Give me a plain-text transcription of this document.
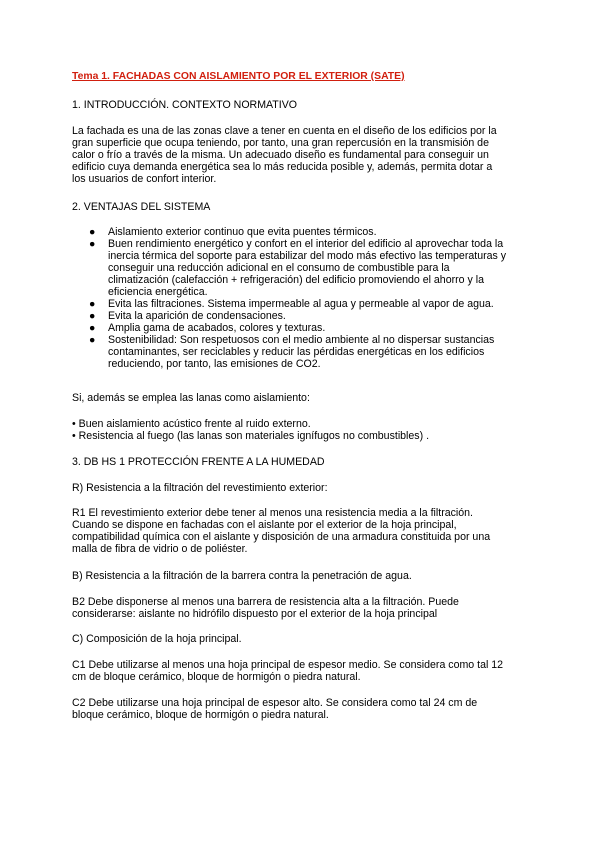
Tema 1. FACHADAS CON AISLAMIENTO POR EL EXTERIOR (SATE)

1. INTRODUCCIÓN. CONTEXTO NORMATIVO

La fachada es una de las zonas clave a tener en cuenta en el diseño de los edificios por la
gran superficie que ocupa teniendo, por tanto, una gran repercusión en la transmisión de
calor o frío a través de la misma. Un adecuado diseño es fundamental para conseguir un
edificio cuya demanda energética sea lo más reducida posible y, además, permita dotar a
los usuarios de confort interior.

2. VENTAJAS DEL SISTEMA

● Aislamiento exterior continuo que evita puentes térmicos.
● Buen rendimiento energético y confort en el interior del edificio al aprovechar toda la
inercia térmica del soporte para estabilizar del modo más efectivo las temperaturas y
conseguir una reducción adicional en el consumo de combustible para la
climatización (calefacción + refrigeración) del edificio promoviendo el ahorro y la
eficiencia energética.
● Evita las filtraciones. Sistema impermeable al agua y permeable al vapor de agua.
● Evita la aparición de condensaciones.
● Amplia gama de acabados, colores y texturas.
● Sostenibilidad: Son respetuosos con el medio ambiente al no dispersar sustancias
contaminantes, ser reciclables y reducir las pérdidas energéticas en los edificios
reduciendo, por tanto, las emisiones de CO2.

Si, además se emplea las lanas como aislamiento:

• Buen aislamiento acústico frente al ruido externo.
• Resistencia al fuego (las lanas son materiales ignífugos no combustibles) .

3. DB HS 1 PROTECCIÓN FRENTE A LA HUMEDAD

R) Resistencia a la filtración del revestimiento exterior:

R1 El revestimiento exterior debe tener al menos una resistencia media a la filtración.
Cuando se dispone en fachadas con el aislante por el exterior de la hoja principal,
compatibilidad química con el aislante y disposición de una armadura constituida por una
malla de fibra de vidrio o de poliéster.

B) Resistencia a la filtración de la barrera contra la penetración de agua.

B2 Debe disponerse al menos una barrera de resistencia alta a la filtración. Puede
considerarse: aislante no hidrófilo dispuesto por el exterior de la hoja principal

C) Composición de la hoja principal.

C1 Debe utilizarse al menos una hoja principal de espesor medio. Se considera como tal 12
cm de bloque cerámico, bloque de hormigón o piedra natural.
C2 Debe utilizarse una hoja principal de espesor alto. Se considera como tal 24 cm de
bloque cerámico, bloque de hormigón o piedra natural.
